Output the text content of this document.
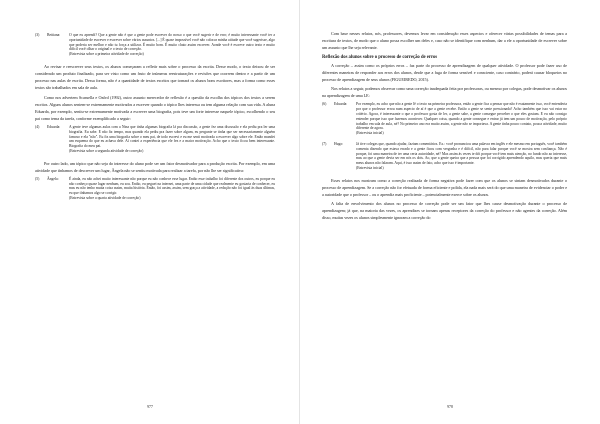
(3)	Bettiana:	O que eu aprendi? Que a gente não é que a gente pode escrever do nosso o que você sugerir e de erro; é muito interessante você ter a oportunidade de escrever e escrever sobre vários assuntos. [...] É quase impossível você não colocar minha atitude que você sugerisse, algo que poderia ser melhor e não tu força a utilizar. É muito bom. É muito chato assim escrever. Aonde você é escreve outro texto e muito difícil você olhar o original e o texto de correção.
(Entrevista sobre a primeira atividade de correção)

Ao revisar e reescrever seus textos, os alunos começaram a refletir mais sobre o processo da escrita. Desse modo, o texto deixou de ser considerado um produto finalizado, para ser visto como um fruto de inúmeras reestruturações e revisões que ocorrem dentro e a partir de um processo nas aulas de escrita. Dessa forma, não é a quantidade de textos escritos que tornará os alunos bons escritores, mas a forma como esses textos são trabalhados em sala de aula.

Como nos advertem Scaruella e Ozôrd (1992), outro assunto merecedor de reflexão é a questão da escolha dos tópicos dos textos a serem escritos. Alguns alunos sentem-se extremamente motivados a escrever quando o tópico lhes interessa ou tem alguma relação com sua vida. A aluna Eduarda, por exemplo, sentiu-se extremamente motivada a escrever uma biografia, pois teve um forte interesse naquele tópico, escolhendo o seu pai como tema da tarefa, conforme exemplificado a seguir:

(4)	Eduarda:	A gente teve algumas aulas com a Nina que tinha algumas biografia lá pra discussão, a gente fez uma discussão e ela pediu pra ler uma biografia. Eu sabe. E não fiz tempo, mas quando ela pediu pra fazer sobre algum, eu pergunte se tinha que ser necessariamente alguém famoso e ela "não". Eu fiz uma biografia sobre o meu pai, de todo escrevi e eu me senti motivada a escrever algo sobre ele. Então mandei um esquema do que eu achava dele. Aí contei a experiência que ele fez e a maior motivação. Acho que o texto ficou bem interessante. Biografia do meu pai.
(Entrevista sobre a segunda atividade de correção)

Por outro lado, um tópico que não seja do interesse do aluno pode ser um fator desmotivador para a produção escrita. Por exemplo, em uma atividade que tínhamos de descrever um lugar, Ângela não se sentiu motivada para realizar a tarefa, por não lhe ser significativa:

(5)	Ângela:	É ainda, eu não achei muito interessante não porque eu não conhece esse lugar. Então esse trabalho foi diferente dos outros, eu porque eu não conheço quase lugar nenhum, eu sou. Então, eu peguei na internet, uma parte de uma cidade que realmente eu gostaria de conhecer, eu mas eu não tenho muita coisa assim, muita história. Então, foi assim, assim, sem graça a atividade, a redação não foi igual às duas últimas, eu que tínhamos algo se corrigir.
(Entrevista sobre a quarta atividade de correção)
977

Com base nesses relatos, nós, professores, devemos levar em consideração esses aspectos e oferecer várias possibilidades de temas para a escritura de textos, de modo que o aluno possa escolher um deles e, caso não se identifique com nenhum, dar a ele a oportunidade de escrever sobre um assunto que lhe seja relevante.

Reflexão dos alunos sobre o processo de correção de erros

A correção – assim como os próprios erros – faz parte do processo de aprendizagem de qualquer atividade. O professor pode fazer uso de diferentes maneiras de responder aos erros dos alunos, desde que a fuga de forma sensível e consciente, caso contrário, poderá causar bloqueios no processo de aprendizagem de seus alunos (FIGUEIREDO, 2015).

Nos relatos a seguir, podemos observar como uma correção inadequada feita por professoras, ou mesmo por colegas, pode desmotivar os alunos na aprendizagem de uma LE:

(6)	Eduarda:	Por exemplo, eu acho que não a gente lê o texto na primeira professora, então a gente fica a pensar que não é exatamente isso, você entenderia por que o professor errou num aspecto de aí é que a gente recebe. Então a gente se sente pressionada? Acho também que isso vai estar no critério. Agora, é interessante o que o professor gosta de ler, a gente sabe, a gente consegue perceber o que eles gostam. E eu não consigo entender porque isso que fazemos acontecer. Qualquer coisa, quando a gente consegue e entrar já tem um pouco de motivação, pelo próprio trabalho em sala de aula, né? No primeiro ano era muito assim, a gente não se importava. A gente tinha pouco contato, pouca atividade, muito diferente de agora.
(Entrevista inicial)
(7)	Hugo:	Já tive colegas que, quando ajudar, faziam comentários. Ex.: você pronunciou uma palavra em inglês e ele mesmo em português, você também comenta dizendo que estava errado e a gente ficou com vergonha e é difícil, não para falar porque você se mostra sem confiança. Não é porque, foi uma maneira de ter uma certa autoridade, né? Mas assim às vezes te dói porque você tem mais atenção, no fundo não ao interesse, mas ao que a gente devia ser em nós os dois. Ao, que a gente queira que a pessoa que foi corrigido aprendendo aquilo, mas queria que mais meus alunos não falaram. Aqui, é isso assim de fato, acho que isso é importante.
(Entrevista inicial)

Esses relatos nos mostram como a correção realizada de forma negativa pode fazer com que os alunos se sintam desmotivados durante o processo de aprendizagem. Se a correção não for efetuada de forma eficiente e polida, ela nada mais será do que uma maneira de evidenciar o poder e a autoridade que o professor – ou o aprendiz mais proficiente – potencialmente exerce sobre os alunos.

A falta de envolvimento dos alunos no processo de correção pode ser um fator que lhes cause desmotivação durante o processo de aprendizagem; já que, na maioria das vezes, os aprendizes se tornam apenas receptores da correção do professor e não agentes da correção. Além disso, muitas vezes os alunos simplesmente ignoram a correção do

978
